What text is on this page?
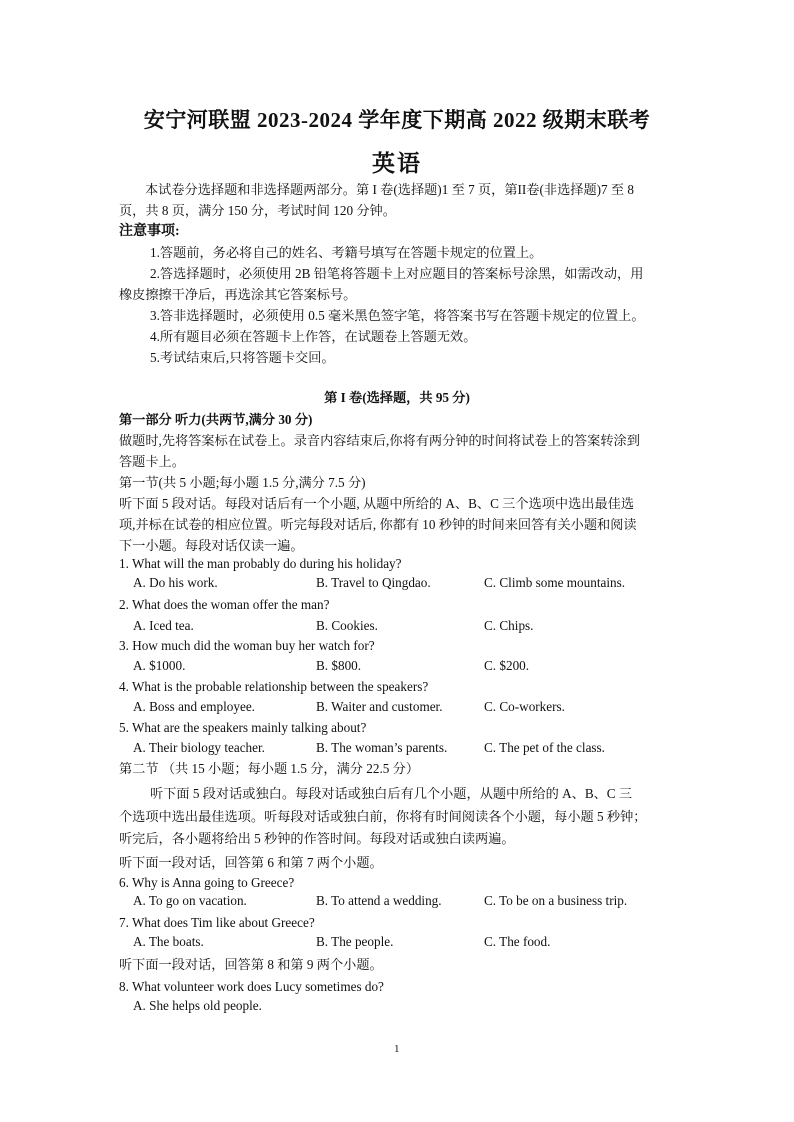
安宁河联盟 2023-2024 学年度下期高 2022 级期末联考
英语
本试卷分选择题和非选择题两部分。第 I 卷(选择题)1 至 7 页，第II卷(非选择题)7 至 8
页，共 8 页，满分 150 分，考试时间 120 分钟。
注意事项:
1.答题前，务必将自己的姓名、考籍号填写在答题卡规定的位置上。
2.答选择题时，必须使用 2B 铅笔将答题卡上对应题目的答案标号涂黑，如需改动，用
橡皮擦擦干净后，再选涂其它答案标号。
3.答非选择题时，必须使用 0.5 毫米黑色签字笔，将答案书写在答题卡规定的位置上。
4.所有题目必须在答题卡上作答，在试题卷上答题无效。
5.考试结束后,只将答题卡交回。
第 I 卷(选择题，共 95 分)
第一部分 听力(共两节,满分 30 分)
做题时,先将答案标在试卷上。录音内容结束后,你将有两分钟的时间将试卷上的答案转涂到
答题卡上。
第一节(共 5 小题;每小题 1.5 分,满分 7.5 分)
听下面 5 段对话。每段对话后有一个小题, 从题中所给的 A、B、C 三个选项中选出最佳选
项,并标在试卷的相应位置。听完每段对话后, 你都有 10 秒钟的时间来回答有关小题和阅读
下一小题。每段对话仅读一遍。
1. What will the man probably do during his holiday?
A. Do his work.	B. Travel to Qingdao.	C. Climb some mountains.
2. What does the woman offer the man?
A. Iced tea.	B. Cookies.	C. Chips.
3. How much did the woman buy her watch for?
A. $1000.	B. $800.	C. $200.
4. What is the probable relationship between the speakers?
A. Boss and employee.	B. Waiter and customer.	C. Co-workers.
5. What are the speakers mainly talking about?
A. Their biology teacher.	B. The woman’s parents.	C. The pet of the class.
第二节 （共 15 小题；每小题 1.5 分，满分 22.5 分）
听下面 5 段对话或独白。每段对话或独白后有几个小题，从题中所给的 A、B、C 三
个选项中选出最佳选项。听每段对话或独白前，你将有时间阅读各个小题，每小题 5 秒钟；
听完后，各小题将给出 5 秒钟的作答时间。每段对话或独白读两遍。
听下面一段对话，回答第 6 和第 7 两个小题。
6. Why is Anna going to Greece?
A. To go on vacation.	B. To attend a wedding.	C. To be on a business trip.
7. What does Tim like about Greece?
A. The boats.	B. The people.	C. The food.
听下面一段对话，回答第 8 和第 9 两个小题。
8. What volunteer work does Lucy sometimes do?
A. She helps old people.
1
